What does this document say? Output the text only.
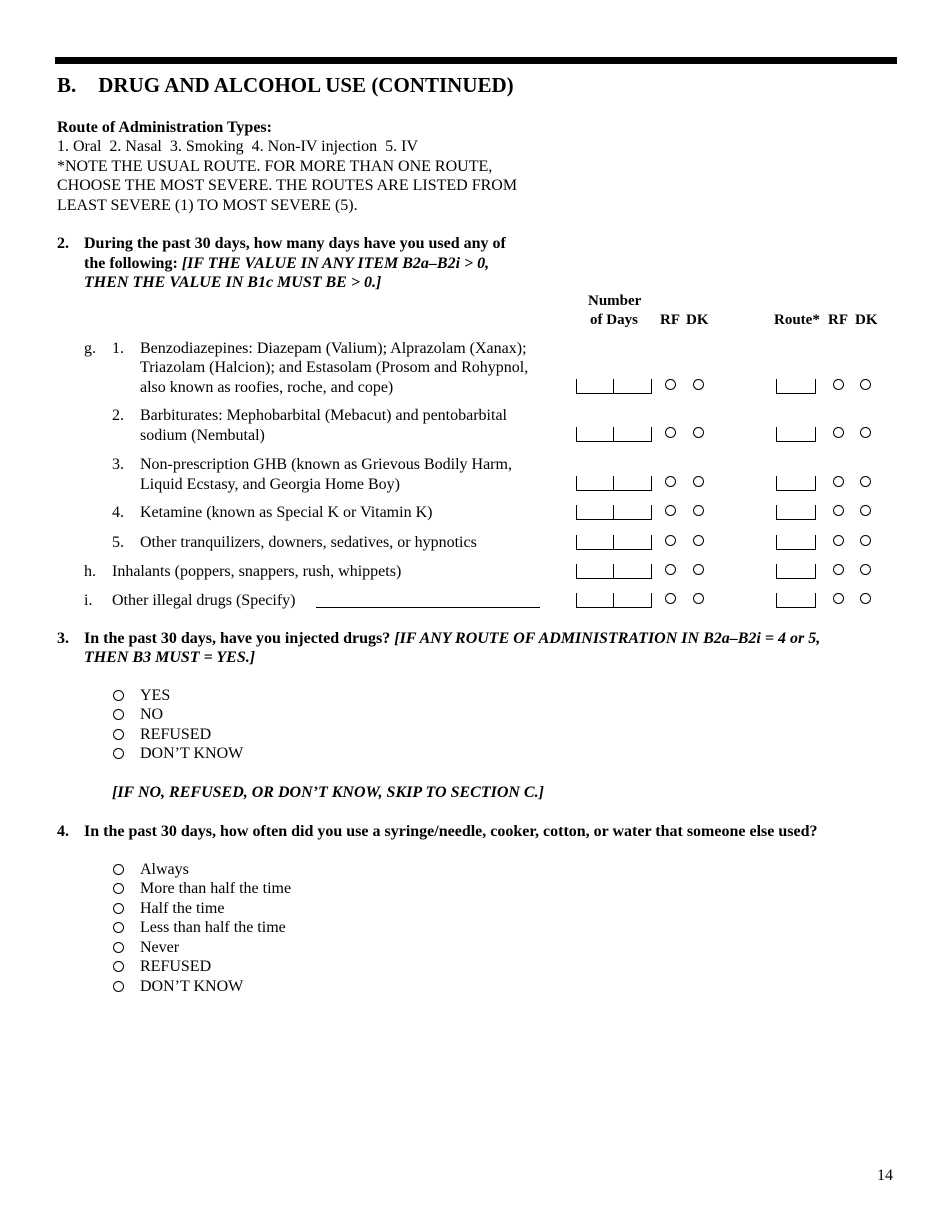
B. DRUG AND ALCOHOL USE (CONTINUED)
Route of Administration Types:
1. Oral  2. Nasal  3. Smoking  4. Non-IV injection  5. IV
*NOTE THE USUAL ROUTE. FOR MORE THAN ONE ROUTE,
CHOOSE THE MOST SEVERE. THE ROUTES ARE LISTED FROM
LEAST SEVERE (1) TO MOST SEVERE (5).
2. During the past 30 days, how many days have you used any of
the following: [IF THE VALUE IN ANY ITEM B2a–B2i > 0,
THEN THE VALUE IN B1c MUST BE > 0.]
Number
of Days RF DK	Route* RF DK
g. 1. Benzodiazepines: Diazepam (Valium); Alprazolam (Xanax);
Triazolam (Halcion); and Estasolam (Prosom and Rohypnol,
also known as roofies, roche, and cope)
2. Barbiturates: Mephobarbital (Mebacut) and pentobarbital
sodium (Nembutal)
3. Non-prescription GHB (known as Grievous Bodily Harm,
Liquid Ecstasy, and Georgia Home Boy)
4. Ketamine (known as Special K or Vitamin K)
5. Other tranquilizers, downers, sedatives, or hypnotics
h. Inhalants (poppers, snappers, rush, whippets)
i. Other illegal drugs (Specify)
3. In the past 30 days, have you injected drugs? [IF ANY ROUTE OF ADMINISTRATION IN B2a–B2i = 4 or 5,
THEN B3 MUST = YES.]
YES
NO
REFUSED
DON’T KNOW
[IF NO, REFUSED, OR DON’T KNOW, SKIP TO SECTION C.]
4. In the past 30 days, how often did you use a syringe/needle, cooker, cotton, or water that someone else used?
Always
More than half the time
Half the time
Less than half the time
Never
REFUSED
DON’T KNOW
14
